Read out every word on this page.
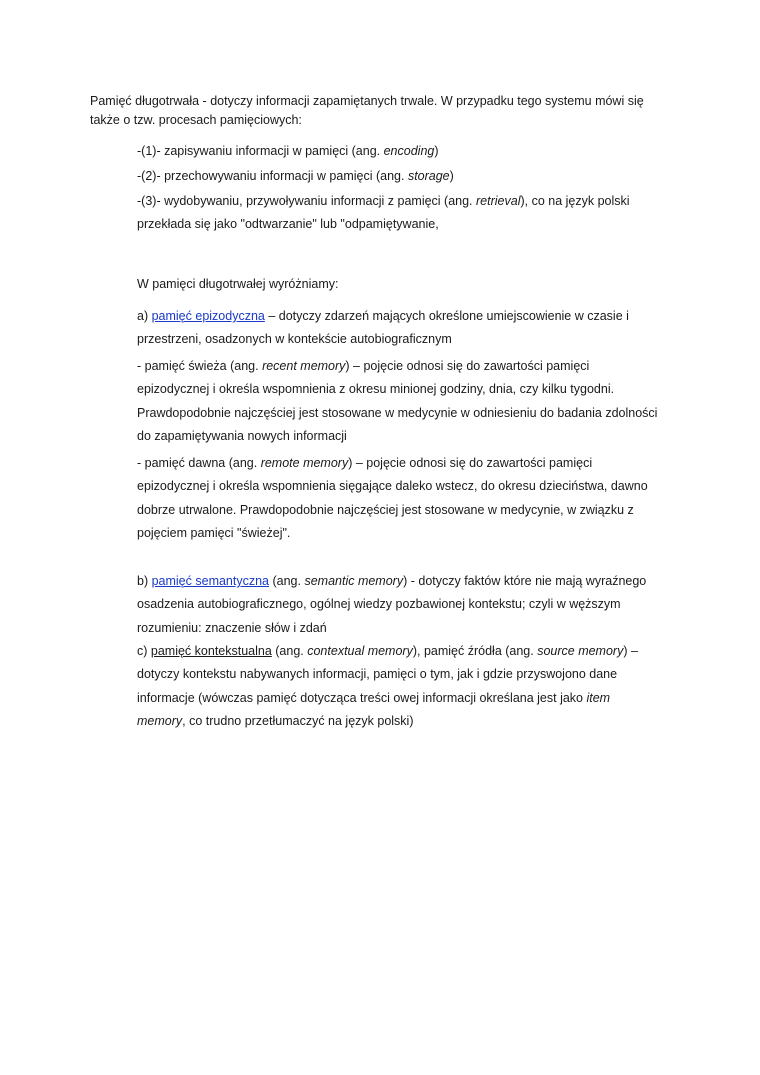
Pamięć długotrwała - dotyczy informacji zapamiętanych trwale. W przypadku tego systemu mówi się
także o tzw. procesach pamięciowych:
-(1)- zapisywaniu informacji w pamięci (ang. encoding)
-(2)- przechowywaniu informacji w pamięci (ang. storage)
-(3)- wydobywaniu, przywoływaniu informacji z pamięci (ang. retrieval), co na język polski
przekłada się jako "odtwarzanie" lub "odpamiętywanie,
W pamięci długotrwałej wyróżniamy:
a) pamięć epizodyczna – dotyczy zdarzeń mających określone umiejscowienie w czasie i
przestrzeni, osadzonych w kontekście autobiograficznym
- pamięć świeża (ang. recent memory) – pojęcie odnosi się do zawartości pamięci
epizodycznej i określa wspomnienia z okresu minionej godziny, dnia, czy kilku tygodni.
Prawdopodobnie najczęściej jest stosowane w medycynie w odniesieniu do badania zdolności
do zapamiętywania nowych informacji
- pamięć dawna (ang. remote memory) – pojęcie odnosi się do zawartości pamięci
epizodycznej i określa wspomnienia sięgające daleko wstecz, do okresu dzieciństwa, dawno
dobrze utrwalone. Prawdopodobnie najczęściej jest stosowane w medycynie, w związku z
pojęciem pamięci "świeżej".
b) pamięć semantyczna (ang. semantic memory) - dotyczy faktów które nie mają wyraźnego
osadzenia autobiograficznego, ogólnej wiedzy pozbawionej kontekstu; czyli w węższym
rozumieniu: znaczenie słów i zdań
c) pamięć kontekstualna (ang. contextual memory), pamięć źródła (ang. source memory) –
dotyczy kontekstu nabywanych informacji, pamięci o tym, jak i gdzie przyswojono dane
informacje (wówczas pamięć dotycząca treści owej informacji określana jest jako item
memory, co trudno przetłumaczyć na język polski)
